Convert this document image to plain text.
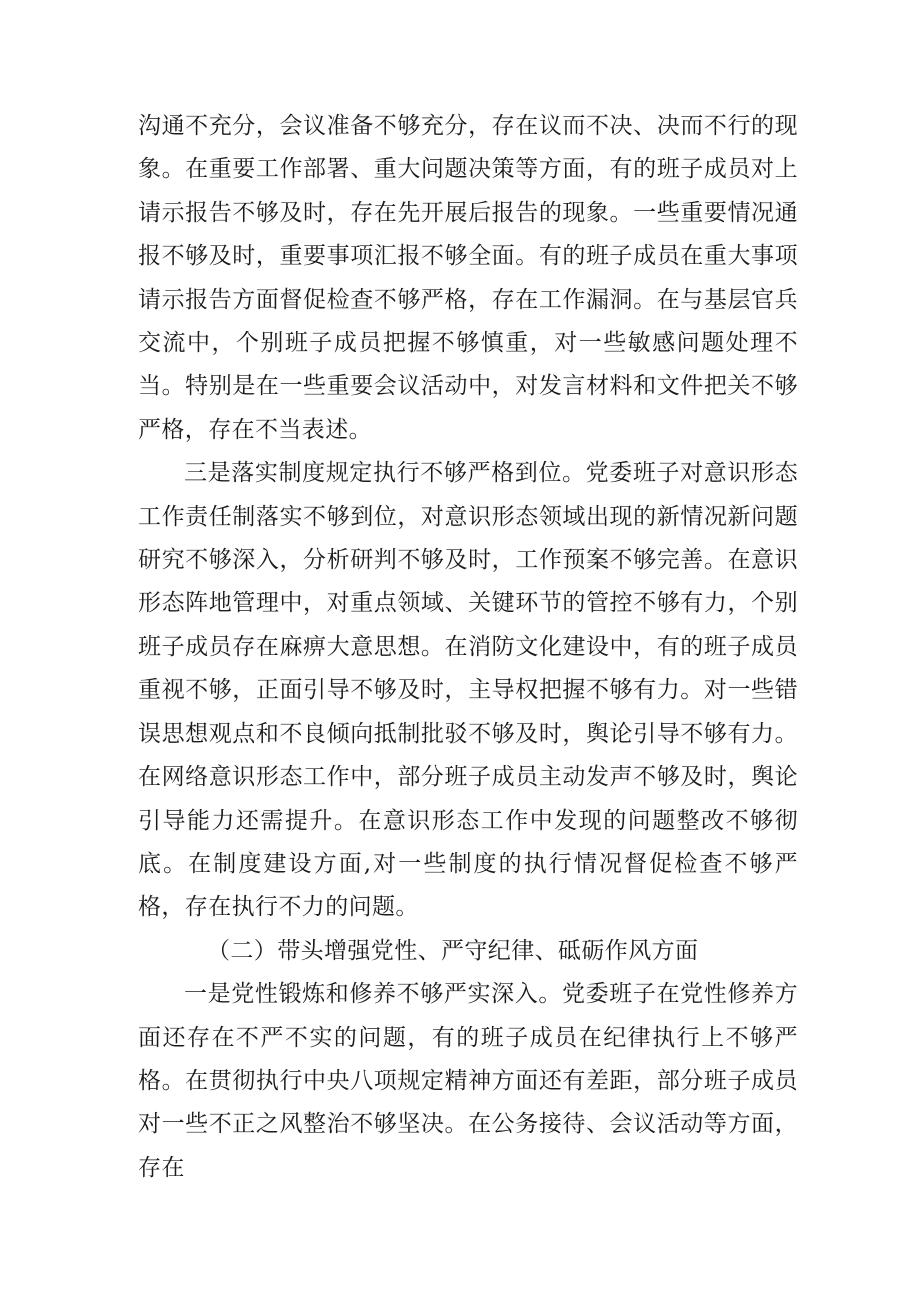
沟通不充分，会议准备不够充分，存在议而不决、决而不行的现象。在重要工作部署、重大问题决策等方面，有的班子成员对上请示报告不够及时，存在先开展后报告的现象。一些重要情况通报不够及时，重要事项汇报不够全面。有的班子成员在重大事项请示报告方面督促检查不够严格，存在工作漏洞。在与基层官兵交流中，个别班子成员把握不够慎重，对一些敏感问题处理不当。特别是在一些重要会议活动中，对发言材料和文件把关不够严格，存在不当表述。

三是落实制度规定执行不够严格到位。党委班子对意识形态工作责任制落实不够到位，对意识形态领域出现的新情况新问题研究不够深入，分析研判不够及时，工作预案不够完善。在意识形态阵地管理中，对重点领域、关键环节的管控不够有力，个别班子成员存在麻痹大意思想。在消防文化建设中，有的班子成员重视不够，正面引导不够及时，主导权把握不够有力。对一些错误思想观点和不良倾向抵制批驳不够及时，舆论引导不够有力。在网络意识形态工作中，部分班子成员主动发声不够及时，舆论引导能力还需提升。在意识形态工作中发现的问题整改不够彻底。在制度建设方面,对一些制度的执行情况督促检查不够严格，存在执行不力的问题。

（二）带头增强党性、严守纪律、砥砺作风方面

一是党性锻炼和修养不够严实深入。党委班子在党性修养方面还存在不严不实的问题，有的班子成员在纪律执行上不够严格。在贯彻执行中央八项规定精神方面还有差距，部分班子成员对一些不正之风整治不够坚决。在公务接待、会议活动等方面，存在
